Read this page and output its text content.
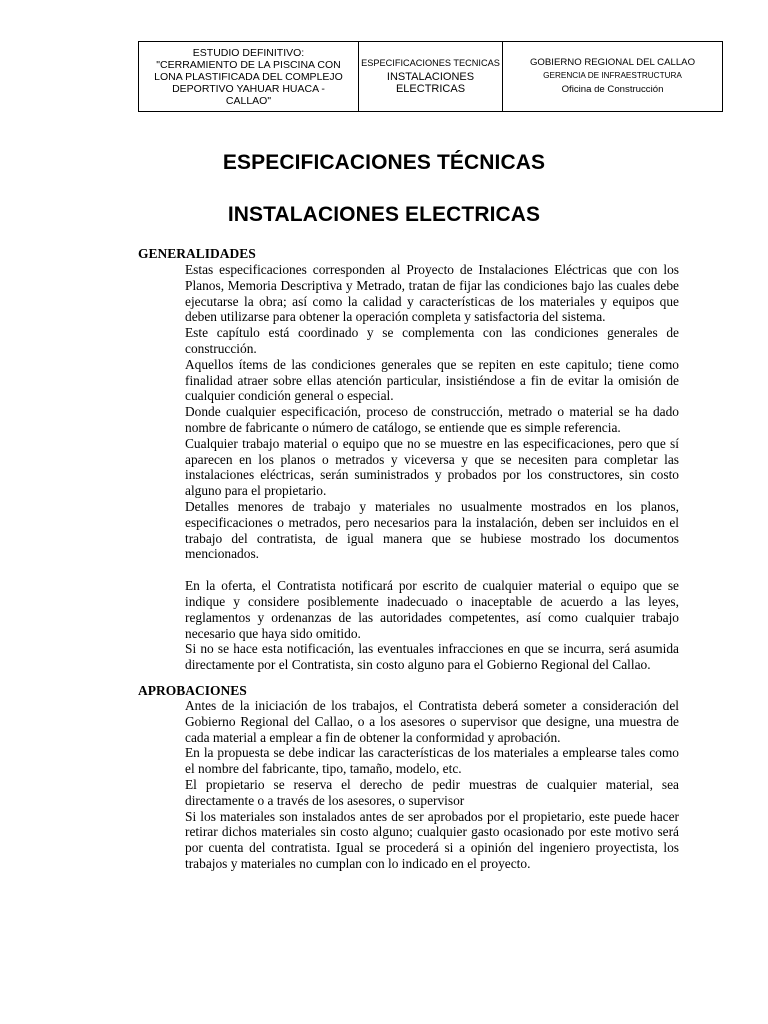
ESTUDIO DEFINITIVO:
"CERRAMIENTO DE LA PISCINA CON
LONA PLASTIFICADA DEL COMPLEJO
DEPORTIVO YAHUAR HUACA -
CALLAO"
ESPECIFICACIONES TECNICAS
INSTALACIONES ELECTRICAS
GOBIERNO REGIONAL DEL CALLAO
GERENCIA DE INFRAESTRUCTURA
Oficina de Construcción
ESPECIFICACIONES TÉCNICAS
INSTALACIONES ELECTRICAS
GENERALIDADES

Estas especificaciones corresponden al Proyecto de Instalaciones Eléctricas que con los Planos, Memoria Descriptiva y Metrado, tratan de fijar las condiciones bajo las cuales debe ejecutarse la obra; así como la calidad y características de los materiales y equipos que deben utilizarse para obtener la operación completa y satisfactoria del sistema.

Este capítulo está coordinado y se complementa con las condiciones generales de construcción.

Aquellos ítems de las condiciones generales que se repiten en este capitulo; tiene como finalidad atraer sobre ellas atención particular, insistiéndose a fin de evitar la omisión de cualquier condición general o especial.

Donde cualquier especificación, proceso de construcción, metrado o material se ha dado nombre de fabricante o número de catálogo, se entiende que es simple referencia.

Cualquier trabajo material o equipo que no se muestre en las especificaciones, pero que sí aparecen en los planos o metrados y viceversa y que se necesiten para completar las instalaciones eléctricas, serán suministrados y probados por los constructores, sin costo alguno para el propietario.

Detalles menores de trabajo y materiales no usualmente mostrados en los planos, especificaciones o metrados, pero necesarios para la instalación, deben ser incluidos en el trabajo del contratista, de igual manera que se hubiese mostrado los documentos mencionados.

En la oferta, el Contratista notificará por escrito de cualquier material o equipo que se indique y considere posiblemente inadecuado o inaceptable de acuerdo a las leyes, reglamentos y ordenanzas de las autoridades competentes, así como cualquier trabajo necesario que haya sido omitido.

Si no se hace esta notificación, las eventuales infracciones en que se incurra, será asumida directamente por el Contratista, sin costo alguno para el Gobierno Regional del Callao.

APROBACIONES

Antes de la iniciación de los trabajos, el Contratista deberá someter a consideración del Gobierno Regional del Callao, o a los asesores o supervisor que designe, una muestra de cada material a emplear a fin de obtener la conformidad y aprobación.

En la propuesta se debe indicar las características de los materiales a emplearse tales como el nombre del fabricante, tipo, tamaño, modelo, etc.

El propietario se reserva el derecho de pedir muestras de cualquier material, sea directamente o a través de los asesores, o supervisor

Si los materiales son instalados antes de ser aprobados por el propietario, este puede hacer retirar dichos materiales sin costo alguno; cualquier gasto ocasionado por este motivo será por cuenta del contratista. Igual se procederá si a opinión del ingeniero proyectista, los trabajos y materiales no cumplan con lo indicado en el proyecto.
